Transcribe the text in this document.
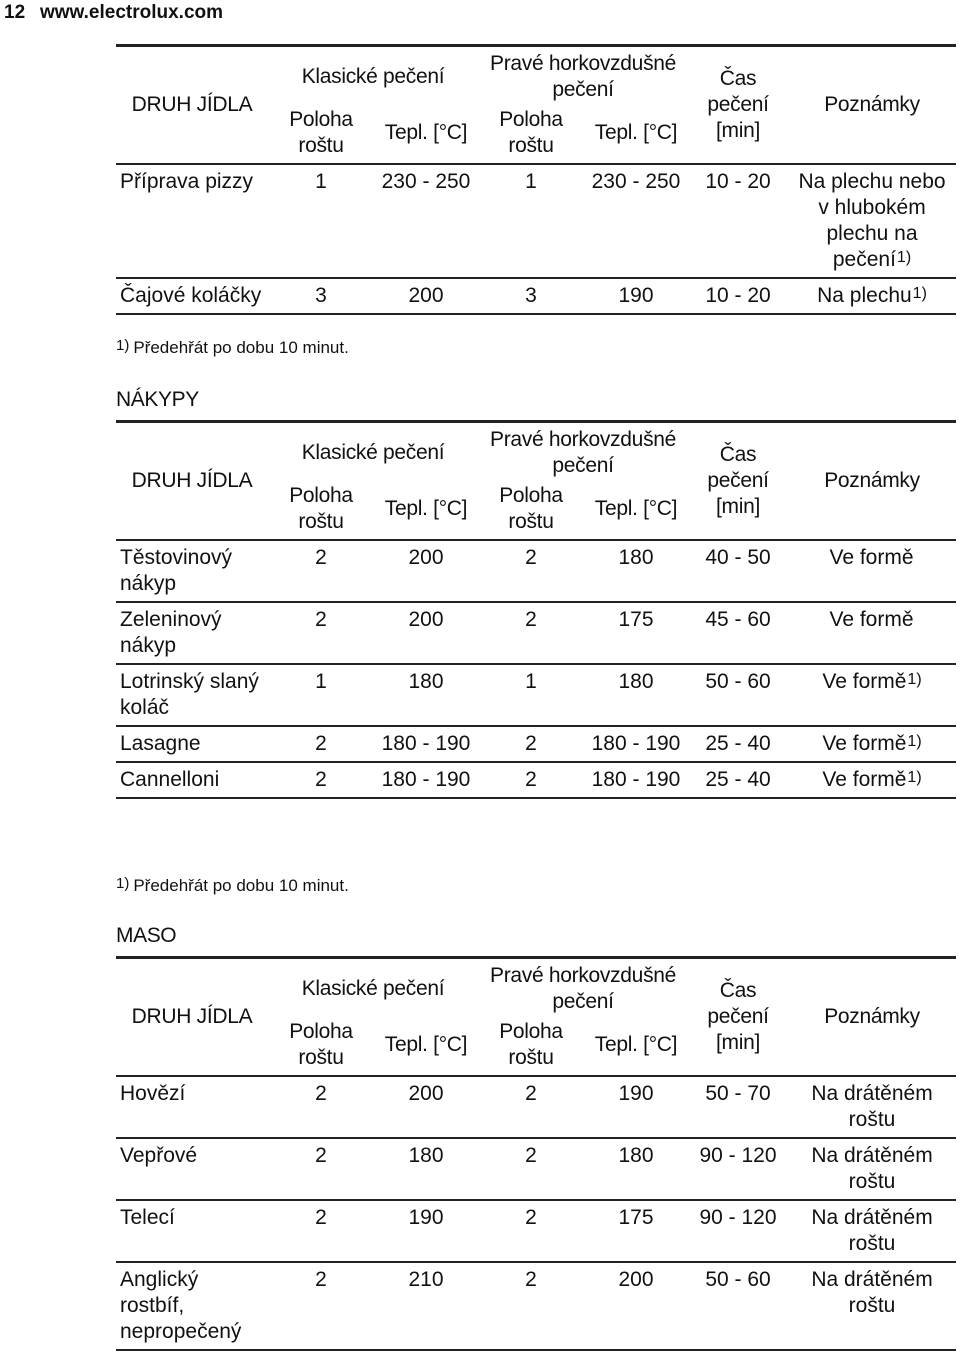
12 www.electrolux.com
DRUH JÍDLA	Klasické pečení		Pravé horkovzdušné pečení		Čas pečení [min]	Poznámky
	Poloha roštu	Tepl. [°C]	Poloha roštu	Tepl. [°C]		
Příprava pizzy	1	230 - 250	1	230 - 250	10 - 20	Na plechu nebo v hlubokém plechu na pečení$^{1)}$
Čajové koláčky	3	200	3	190	10 - 20	Na plechu$^{1)}$
1) Předehřát po dobu 10 minut.
NÁKYPY
DRUH JÍDLA	Klasické pečení		Pravé horkovzdušné pečení		Čas pečení [min]	Poznámky
	Poloha roštu	Tepl. [°C]	Poloha roštu	Tepl. [°C]		
Těstovinový nákyp	2	200	2	180	40 - 50	Ve formě
Zeleninový nákyp	2	200	2	175	45 - 60	Ve formě
Lotrinský slaný koláč	1	180	1	180	50 - 60	Ve formě$^{1)}$
Lasagne	2	180 - 190	2	180 - 190	25 - 40	Ve formě$^{1)}$
Cannelloni	2	180 - 190	2	180 - 190	25 - 40	Ve formě$^{1)}$
1) Předehřát po dobu 10 minut.
MASO
DRUH JÍDLA	Klasické pečení		Pravé horkovzdušné pečení		Čas pečení [min]	Poznámky
	Poloha roštu	Tepl. [°C]	Poloha roštu	Tepl. [°C]		
Hovězí	2	200	2	190	50 - 70	Na drátěném roštu
Vepřové	2	180	2	180	90 - 120	Na drátěném roštu
Telecí	2	190	2	175	90 - 120	Na drátěném roštu
Anglický rostbíf, nepropečený	2	210	2	200	50 - 60	Na drátěném roštu
